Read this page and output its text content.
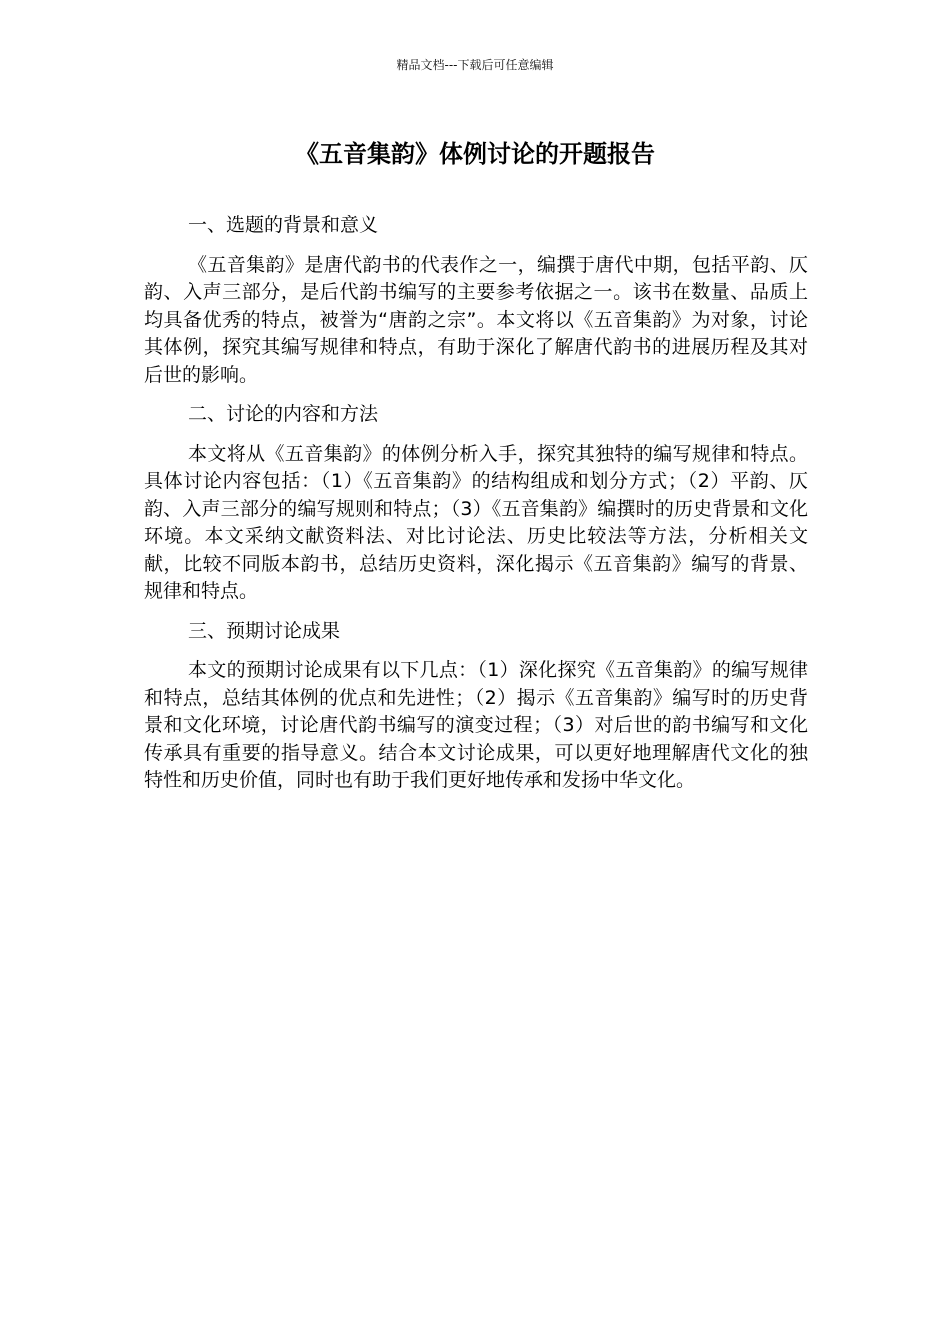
精品文档---下载后可任意编辑
《五音集韵》体例讨论的开题报告

一、选题的背景和意义

《五音集韵》是唐代韵书的代表作之一，编撰于唐代中期，包括平韵、仄韵、入声三部分，是后代韵书编写的主要参考依据之一。该书在数量、品质上均具备优秀的特点，被誉为“唐韵之宗”。本文将以《五音集韵》为对象，讨论其体例，探究其编写规律和特点，有助于深化了解唐代韵书的进展历程及其对后世的影响。

二、讨论的内容和方法

本文将从《五音集韵》的体例分析入手，探究其独特的编写规律和特点。具体讨论内容包括：（1）《五音集韵》的结构组成和划分方式；（2）平韵、仄韵、入声三部分的编写规则和特点；（3）《五音集韵》编撰时的历史背景和文化环境。本文采纳文献资料法、对比讨论法、历史比较法等方法，分析相关文献，比较不同版本韵书，总结历史资料，深化揭示《五音集韵》编写的背景、规律和特点。

三、预期讨论成果

本文的预期讨论成果有以下几点：（1）深化探究《五音集韵》的编写规律和特点，总结其体例的优点和先进性；（2）揭示《五音集韵》编写时的历史背景和文化环境，讨论唐代韵书编写的演变过程；（3）对后世的韵书编写和文化传承具有重要的指导意义。结合本文讨论成果，可以更好地理解唐代文化的独特性和历史价值，同时也有助于我们更好地传承和发扬中华文化。
